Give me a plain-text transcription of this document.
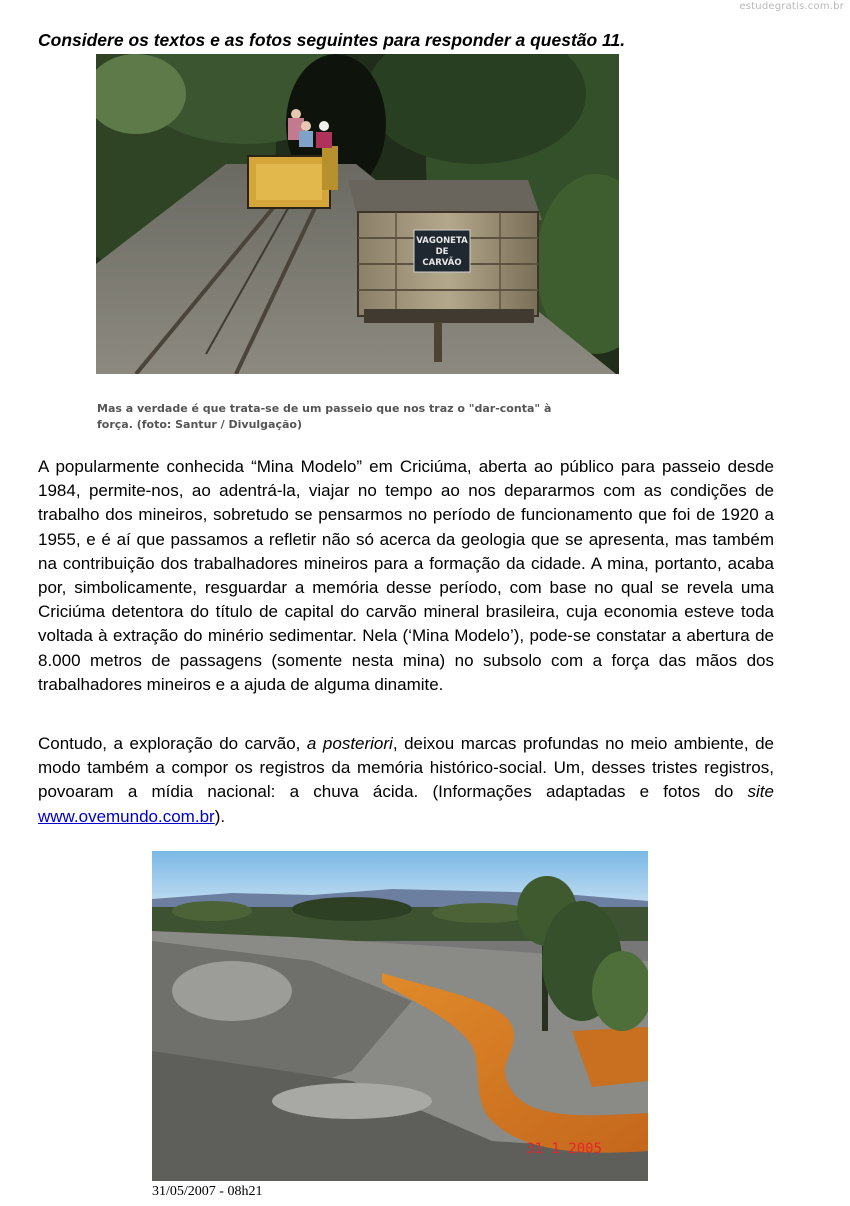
estudegratis.com.br
Considere os textos e as fotos seguintes para responder a questão 11.
VAGONETA
DE
CARVÃO
Mas a verdade é que trata-se de um passeio que nos traz o "dar-conta" à
força. (foto: Santur / Divulgação)

A popularmente conhecida “Mina Modelo” em Criciúma, aberta ao público para passeio desde 1984, permite-nos, ao adentrá-la, viajar no tempo ao nos depararmos com as condições de trabalho dos mineiros, sobretudo se pensarmos no período de funcionamento que foi de 1920 a 1955, e é aí que passamos a refletir não só acerca da geologia que se apresenta, mas também na contribuição dos trabalhadores mineiros para a formação da cidade. A mina, portanto, acaba por, simbolicamente, resguardar a memória desse período, com base no qual se revela uma Criciúma detentora do título de capital do carvão mineral brasileira, cuja economia esteve toda voltada à extração do minério sedimentar. Nela (‘Mina Modelo’), pode-se constatar a abertura de 8.000 metros de passagens (somente nesta mina) no subsolo com a força das mãos dos trabalhadores mineiros e a ajuda de alguma dinamite.

Contudo, a exploração do carvão, a posteriori, deixou marcas profundas no meio ambiente, de modo também a compor os registros da memória histórico-social. Um, desses tristes registros, povoaram a mídia nacional: a chuva ácida. (Informações adaptadas e fotos do site www.ovemundo.com.br).

31 1 2005
31/05/2007 - 08h21
